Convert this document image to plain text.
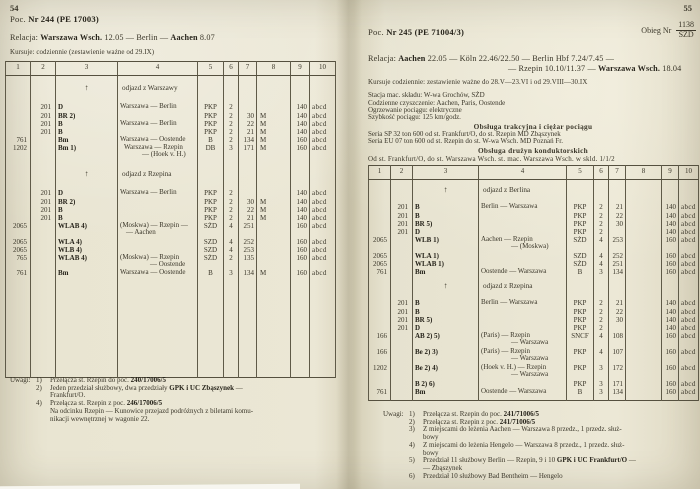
54
Poc. Nr 244 (PE 17003)
Relacja: Warszawa Wsch. 12.05 — Berlin — Aachen 8.07
Kursuje: codziennie (zestawienie ważne od 29.IX)
1	2	3	4	5	6	7	8	9	10

		↑	odjazd z Warszawy						

	201	D	Warszawa — Berlin	PKP	2			140	abcd
	201	BR 2)		PKP	2	30	M	140	abcd
	201	B	Warszawa — Berlin	PKP	2	22	M	140	abcd
	201	B		PKP	2	21	M	140	abcd
761		Bm	Warszawa — Oostende	B	2	134	M	160	abcd
1202		Bm 1)	Warszawa — Rzepin
— (Hoek v. H.)	DB	3	171	M	160	abcd

		↑	odjazd z Rzepina						

	201	D	Warszawa — Berlin	PKP	2			140	abcd
	201	BR 2)		PKP	2	30	M	140	abcd
	201	B		PKP	2	22	M	140	abcd
	201	B		PKP	2	21	M	140	abcd
2065		WLAB 4)	(Moskwa) — Rzepin —
— Aachen	SŻD	4	251		160	abcd
2065		WLA 4)		SZD	4	252		160	abcd
2065		WLB 4)		SZD	4	253		160	abcd
765		WLAB 4)	(Moskwa) — Rzepin
— Oostende	SŻD	2	135		160	abcd
761		Bm	Warszawa — Oostende	B	3	134	M	160	abcd

Uwagi: 1)	Przełącza st. Rzepin do poc. 240/17006/5
2)	Jeden przedział służbowy, dwa przedziały GPK i UC Zbąszynek —
Frankfurt/O.
4)	Przełącza st. Rzepin z poc. 246/17006/5
Na odcinku Rzepin — Kunowice przejazd podróżnych z biletami komu-
nikacji wewnętrznej w wagonie 22.
55
Poc. Nr 245 (PE 71004/3)	Obieg Nr $\frac{1138}{\text{SŻD}}$
Relacja: Aachen 22.05 — Köln 22.46/22.50 — Berlin Hbf 7.24/7.45 —
— Rzepin 10.10/11.37 — Warszawa Wsch. 18.04
Kursuje codziennie: zestawienie ważne do 28.V—23.VI i od 29.VIII—30.IX
Stacja mac. składu: W-wa Grochów, SŻD
Codzienne czyszczenie: Aachen, Paris, Oostende
Ogrzewanie pociągu: elektryczne
Szybkość pociągu: 125 km/godz.
Obsługa trakcyjna i ciężar pociągu
Seria SP 32 ton 600 od st. Frankfurt/O, do st. Rzepin MD Zbąszynek
Seria EU 07 ton 600 od st. Rzepin do st. W-wa Wsch. MD Poznań Fr.
Obsługa drużyn konduktorskich
Od st. Frankfurt/O, do st. Warszawa Wsch. st. mac. Warszawa Wsch. w skld. 1/1/2
1	2	3	4	5	6	7	8	9	10

		↑	odjazd z Berlina						

	201	B	Berlin — Warszawa	PKP	2	21		140	abcd
	201	B		PKP	2	22		140	abcd
	201	BR 5)		PKP	2	30		140	abcd
	201	D		PKP	2			140	abcd
2065		WLB 1)	Aachen — Rzepin
— (Moskwa)	SŻD	4	253		160	abcd
2065		WLA 1)		SZD	4	252		160	abcd
2065		WLAB 1)		SŻD	4	251		160	abcd
761		Bm	Oostende — Warszawa	B	3	134		160	abcd

		↑	odjazd z Rzepina						

	201	B	Berlin — Warszawa	PKP	2	21		140	abcd
	201	B		PKP	2	22		140	abcd
	201	BR 5)		PKP	2	30		140	abcd
	201	D		PKP	2			140	abcd
166		AB 2) 5)	(Paris) — Rzepin
— Warszawa	SNCF	4	108		160	abcd
166		Be 2) 3)	(Paris) — Rzepin
— Warszawa	PKP	4	107		160	abcd
1202		Be 2) 4)	(Hoek v. H.) — Rzepin
— Warszawa	PKP	3	172		160	abcd
		B 2) 6)		PKP	3	171		160	abcd
761		Bm	Oostende — Warszawa	B	3	134		160	abcd

Uwagi: 1)	Przełącza st. Rzepin do poc. 241/71006/5
2)	Przełącza st. Rzepin z poc. 241/71006/5
3)	Z miejscami do leżenia Aachen — Warszawa 8 przedz., 1 przedz. służ-
bowy
4)	Z miejscami do leżenia Hengelo — Warszawa 8 przedz., 1 przedz. służ-
bowy
5)	Przedział 11 służbowy Berlin — Rzepin, 9 i 10 GPK i UC Frankfurt/O —
— Zbąszynek
6)	Przedział 10 służbowy Bad Bentheim — Hengelo
